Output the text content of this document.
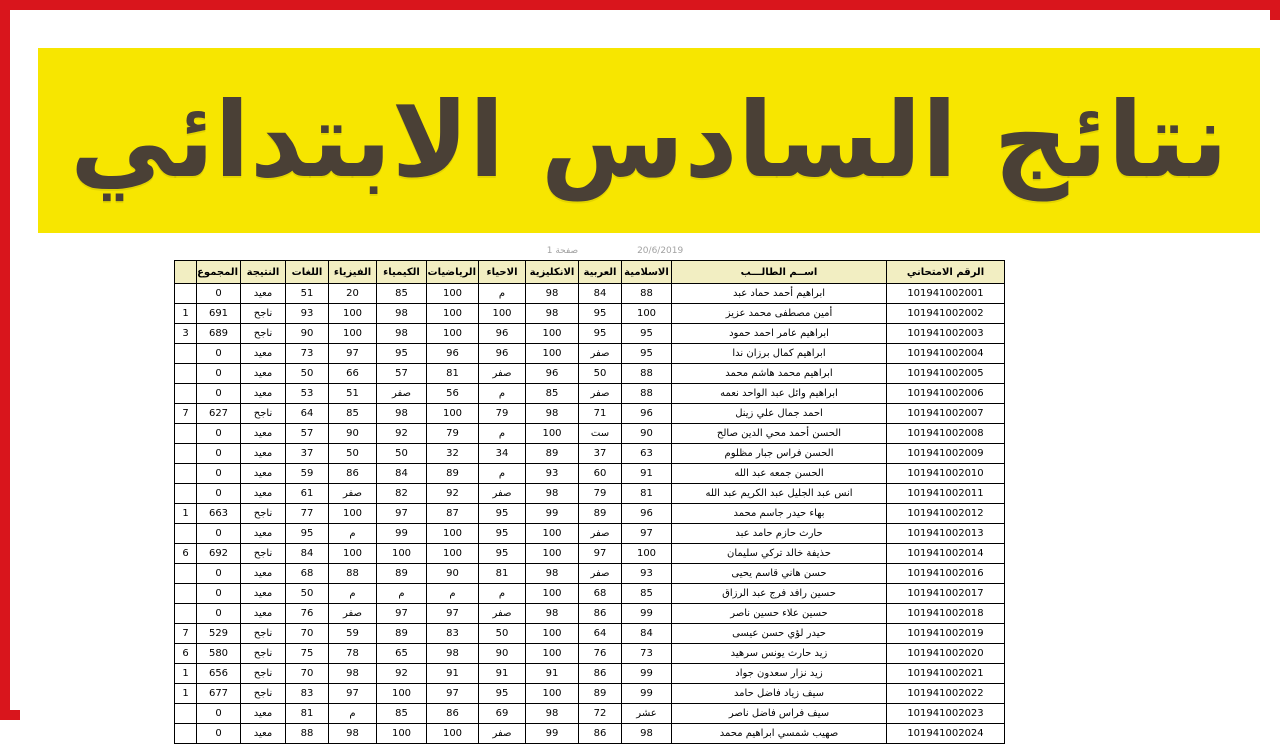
نتائج السادس الابتدائي
20/6/2019 صفحة 1
الرقم الامتحاني	اســم الطالـــب	الاسلامية	العربية	الانكليزية	الاحياء	الرياضيات	الكيمياء	الفيزياء	اللغات	النتيجة	المجموع	
101941002001	ابراهيم أحمد حماد عبد	88	84	98	م	100	85	20	51	معيد	0	
101941002002	أمين مصطفى محمد عزيز	100	95	98	100	100	98	100	93	ناجح	691	1
101941002003	ابراهيم عامر احمد حمود	95	95	100	96	100	98	100	90	ناجح	689	3
101941002004	ابراهيم كمال برزان ندا	95	صفر	100	96	96	95	97	73	معيد	0	
101941002005	ابراهيم محمد هاشم محمد	88	50	96	صفر	81	57	66	50	معيد	0	
101941002006	ابراهيم وائل عبد الواحد نعمه	88	صفر	85	م	56	صفر	51	53	معيد	0	
101941002007	احمد جمال علي زينل	96	71	98	79	100	98	85	64	ناجح	627	7
101941002008	الحسن أحمد محي الدين صالح	90	ست	100	م	79	92	90	57	معيد	0	
101941002009	الحسن فراس جبار مظلوم	63	37	89	34	32	50	50	37	معيد	0	
101941002010	الحسن جمعه عبد الله	91	60	93	م	89	84	86	59	معيد	0	
101941002011	انس عبد الجليل عبد الكريم عبد الله	81	79	98	صفر	92	82	صفر	61	معيد	0	
101941002012	بهاء حيدر جاسم محمد	96	89	99	95	87	97	100	77	ناجح	663	1
101941002013	حارث حازم حامد عبد	97	صفر	100	95	100	99	م	95	معيد	0	
101941002014	حذيفة خالد تركي سليمان	100	97	100	95	100	100	100	84	ناجح	692	6
101941002016	حسن هاني قاسم يحيى	93	صفر	98	81	90	89	88	68	معيد	0	
101941002017	حسين رافد فرج عبد الرزاق	85	68	100	م	م	م	م	50	معيد	0	
101941002018	حسين علاء حسين ناصر	99	86	98	صفر	97	97	صفر	76	معيد	0	
101941002019	حيدر لؤي حسن عيسى	84	64	100	50	83	89	59	70	ناجح	529	7
101941002020	زيد حارث يونس سرهيد	73	76	100	90	98	65	78	75	ناجح	580	6
101941002021	زيد نزار سعدون جواد	99	86	91	91	91	92	98	70	ناجح	656	1
101941002022	سيف زياد فاضل حامد	99	89	100	95	97	100	97	83	ناجح	677	1
101941002023	سيف فراس فاضل ناصر	عشر	72	98	69	86	85	م	81	معيد	0	
101941002024	صهيب شمسي ابراهيم محمد	98	86	99	صفر	100	100	98	88	معيد	0	
